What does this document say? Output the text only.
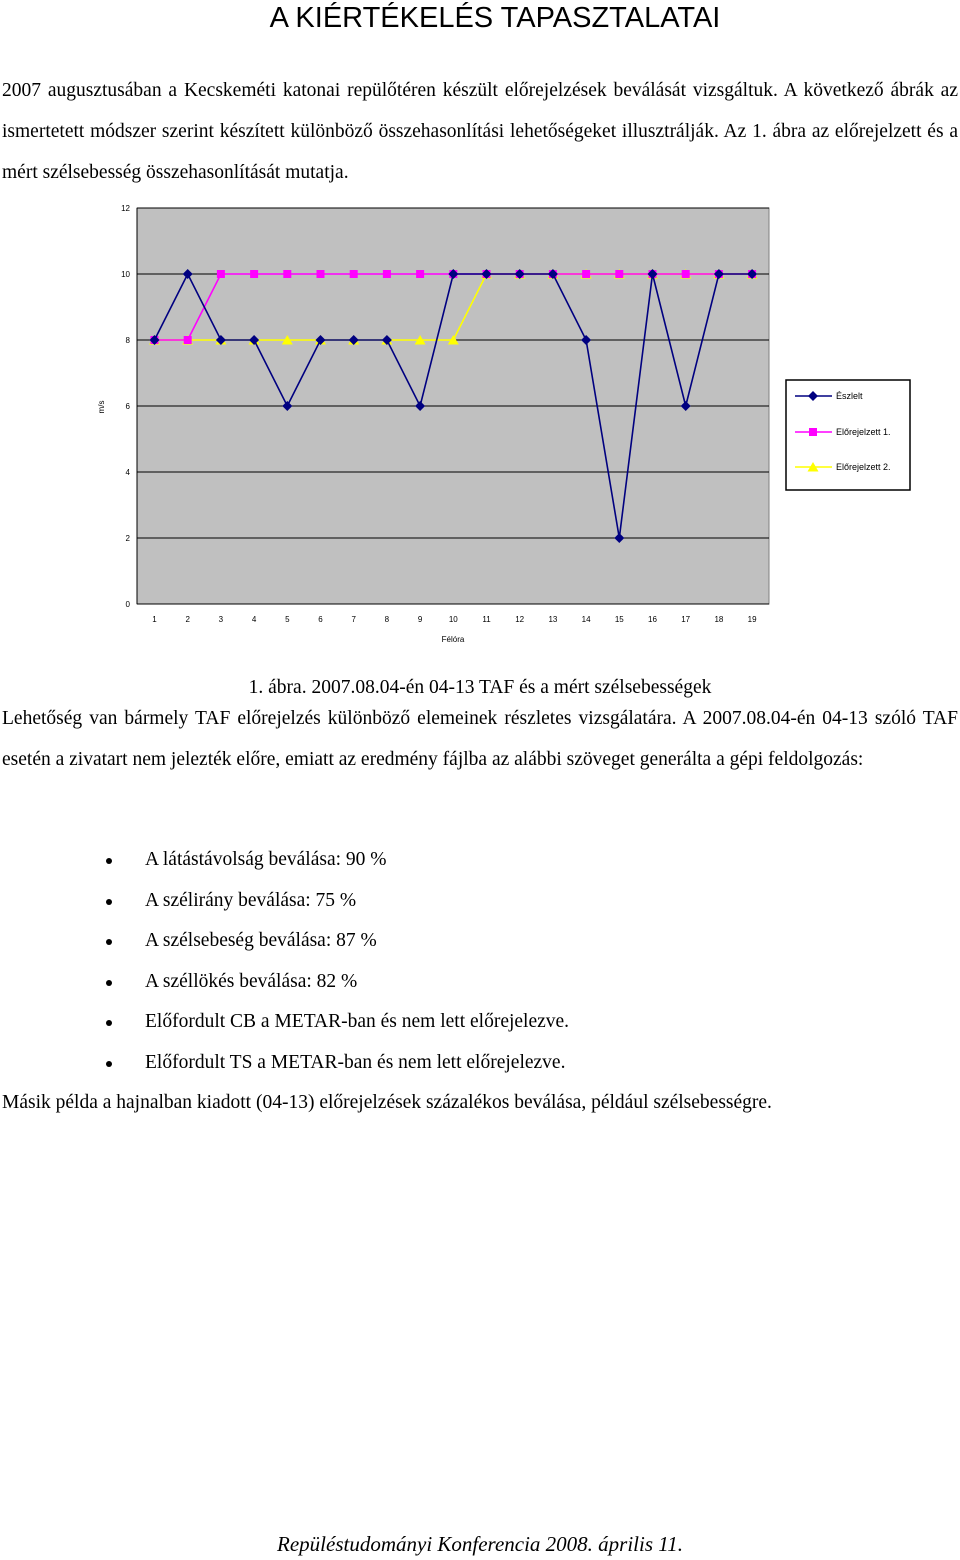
A KIÉRTÉKELÉS TAPASZTALATAI

2007 augusztusában a Kecskeméti katonai repülőtéren készült előrejelzések beválását vizsgáltuk. A következő ábrák az ismertetett módszer szerint készített különböző összehasonlítási lehetőségeket illusztrálják. Az 1. ábra az előrejelzett és a mért szélsebesség összehasonlítását mutatja.

0
2
4
6
8
10
12
1	2	3	4	5	6	7	8	9	10	11	12	13	14	15	16	17	18	19
Félóra
m/s
Észlelt
Előrejelzett 1.
Előrejelzett 2.
1. ábra. 2007.08.04-én 04-13 TAF és a mért szélsebességek

Lehetőség van bármely TAF előrejelzés különböző elemeinek részletes vizsgálatára. A 2007.08.04-én 04-13 szóló TAF esetén a zivatart nem jelezték előre, emiatt az eredmény fájlba az alábbi szöveget generálta a gépi feldolgozás:

A látástávolság beválása: 90 %
A szélirány beválása: 75 %
A szélsebeség beválása: 87 %
A széllökés beválása: 82 %
Előfordult CB a METAR-ban és nem lett előrejelezve.
Előfordult TS a METAR-ban és nem lett előrejelezve.
Másik példa a hajnalban kiadott (04-13) előrejelzések százalékos beválása, például szélsebességre.
Repüléstudományi Konferencia 2008. április 11.
